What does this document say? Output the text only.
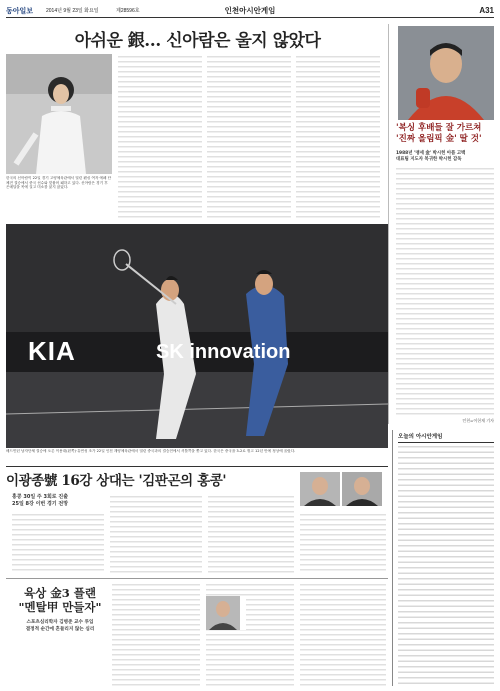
동아일보	2014년 9월 23일 화요일	제28596호	인천아시안게임	A31
아쉬운 銀… 신아람은 울지 않았다
한국의 신아람이 22일 경기 고양체육관에서 열린 펜싱 여자 에페 단체전 결승에서 중국 선수와 맞붙어 패하고 있다. 신아람은 경기 후 은메달을 목에 걸고 미소를 잃지 않았다.
'복싱 후배들 잘 가르쳐
'진짜 올림픽 金' 딸 것'
1988년 '맹세 金' 박시헌 아픔 고백
대표팀 지도자 복귀한 박시헌 감독
인천=이헌재 기자
KIA	SK innovation
배드민턴 남자단체 결승에 오른 이용대(왼쪽)·유연성 조가 22일 인천 계양체육관에서 열린 중국과의 결승전에서 셔틀콕을 쫓고 있다. 한국은 중국을 3-2로 꺾고 12년 만에 정상에 올랐다.
이광종號 16강 상대는 '김판곤의 홍콩'
홍콩 30일 주 3회로 진출
25일 8강 이번 경기 전망
육상 金3 플랜
"멘탈甲 만들자"
스포츠심리학자 김병준 교수 투입
결정적 순간에 흔들리지 않는 심리
오늘의 아시안게임
